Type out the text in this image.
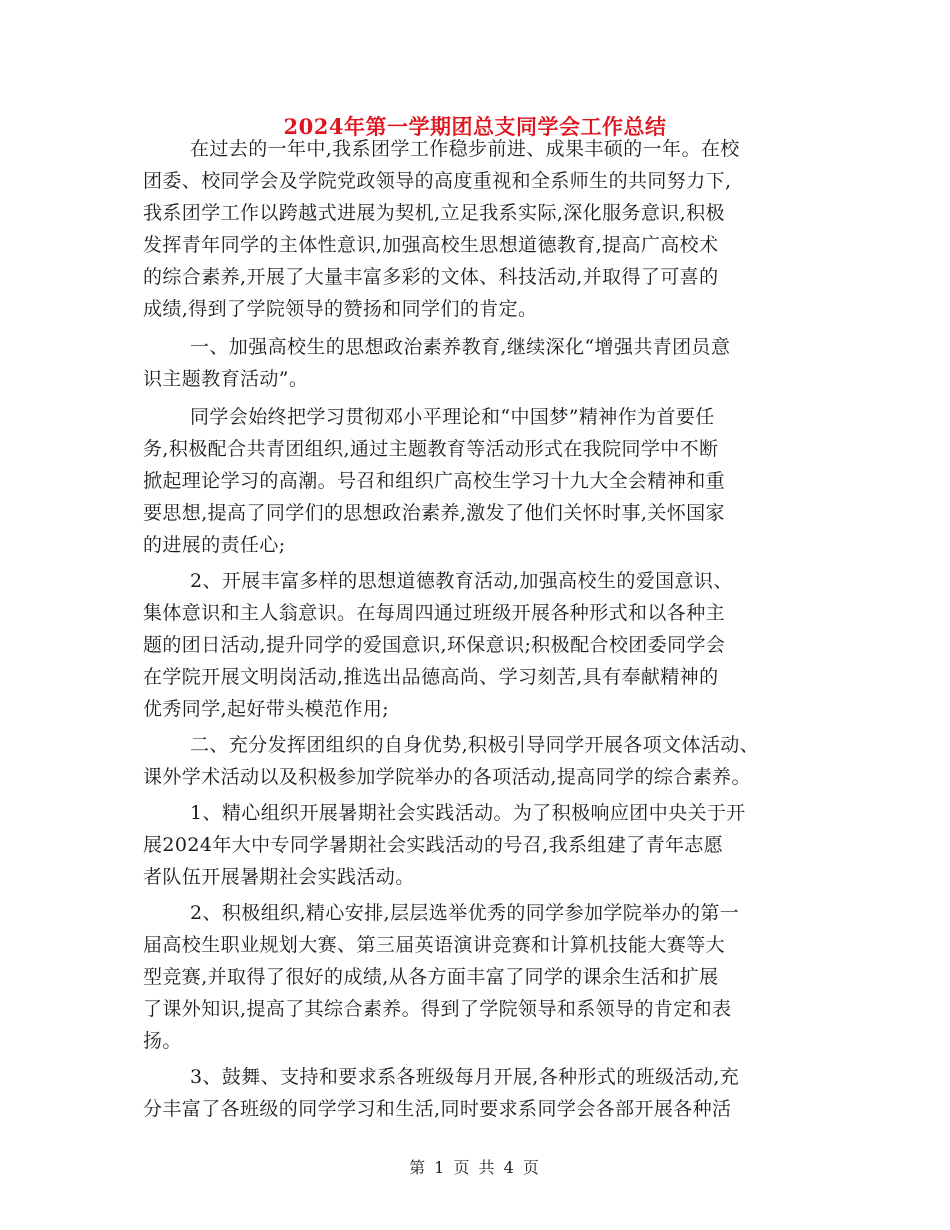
2024年第一学期团总支同学会工作总结
在过去的一年中,我系团学工作稳步前进、成果丰硕的一年。在校
团委、校同学会及学院党政领导的高度重视和全系师生的共同努力下,
我系团学工作以跨越式进展为契机,立足我系实际,深化服务意识,积极
发挥青年同学的主体性意识,加强高校生思想道德教育,提高广高校术
的综合素养,开展了大量丰富多彩的文体、科技活动,并取得了可喜的
成绩,得到了学院领导的赞扬和同学们的肯定。
一、加强高校生的思想政治素养教育,继续深化“增强共青团员意
识主题教育活动”。
同学会始终把学习贯彻邓小平理论和“中国梦”精神作为首要任
务,积极配合共青团组织,通过主题教育等活动形式在我院同学中不断
掀起理论学习的高潮。号召和组织广高校生学习十九大全会精神和重
要思想,提高了同学们的思想政治素养,激发了他们关怀时事,关怀国家
的进展的责任心;
2、开展丰富多样的思想道德教育活动,加强高校生的爱国意识、
集体意识和主人翁意识。在每周四通过班级开展各种形式和以各种主
题的团日活动,提升同学的爱国意识,环保意识;积极配合校团委同学会
在学院开展文明岗活动,推选出品德高尚、学习刻苦,具有奉献精神的
优秀同学,起好带头模范作用;
二、充分发挥团组织的自身优势,积极引导同学开展各项文体活动、
课外学术活动以及积极参加学院举办的各项活动,提高同学的综合素养。
1、精心组织开展暑期社会实践活动。为了积极响应团中央关于开
展2024年大中专同学暑期社会实践活动的号召,我系组建了青年志愿
者队伍开展暑期社会实践活动。
2、积极组织,精心安排,层层选举优秀的同学参加学院举办的第一
届高校生职业规划大赛、第三届英语演讲竞赛和计算机技能大赛等大
型竞赛,并取得了很好的成绩,从各方面丰富了同学的课余生活和扩展
了课外知识,提高了其综合素养。得到了学院领导和系领导的肯定和表
扬。
3、鼓舞、支持和要求系各班级每月开展,各种形式的班级活动,充
分丰富了各班级的同学学习和生活,同时要求系同学会各部开展各种活
第 1 页 共 4 页
